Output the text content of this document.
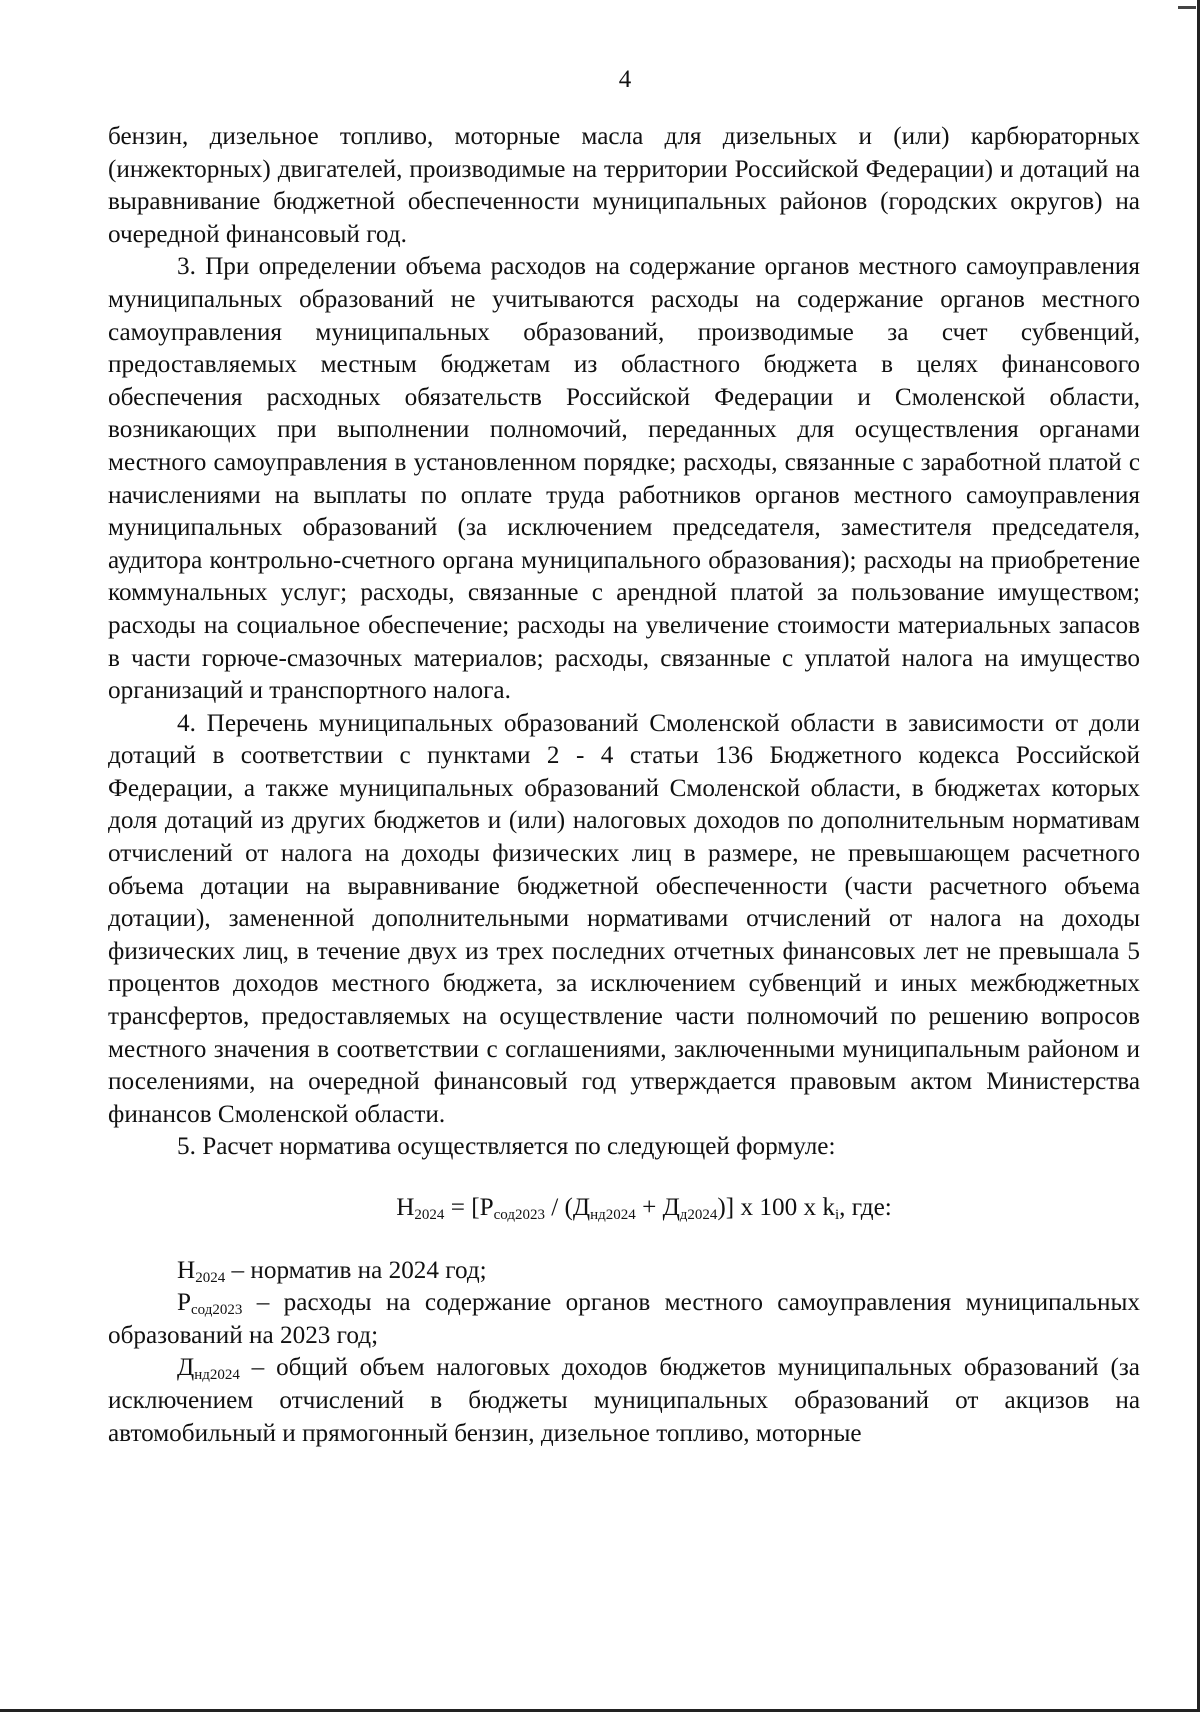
4

бензин, дизельное топливо, моторные масла для дизельных и (или) карбюраторных (инжекторных) двигателей, производимые на территории Российской Федерации) и дотаций на выравнивание бюджетной обеспеченности муниципальных районов (городских округов) на очередной финансовый год.

3. При определении объема расходов на содержание органов местного самоуправления муниципальных образований не учитываются расходы на содержание органов местного самоуправления муниципальных образований, производимые за счет субвенций, предоставляемых местным бюджетам из областного бюджета в целях финансового обеспечения расходных обязательств Российской Федерации и Смоленской области, возникающих при выполнении полномочий, переданных для осуществления органами местного самоуправления в установленном порядке; расходы, связанные с заработной платой с начислениями на выплаты по оплате труда работников органов местного самоуправления муниципальных образований (за исключением председателя, заместителя председателя, аудитора контрольно-счетного органа муниципального образования); расходы на приобретение коммунальных услуг; расходы, связанные с арендной платой за пользование имуществом; расходы на социальное обеспечение; расходы на увеличение стоимости материальных запасов в части горюче-смазочных материалов; расходы, связанные с уплатой налога на имущество организаций и транспортного налога.

4. Перечень муниципальных образований Смоленской области в зависимости от доли дотаций в соответствии с пунктами 2 - 4 статьи 136 Бюджетного кодекса Российской Федерации, а также муниципальных образований Смоленской области, в бюджетах которых доля дотаций из других бюджетов и (или) налоговых доходов по дополнительным нормативам отчислений от налога на доходы физических лиц в размере, не превышающем расчетного объема дотации на выравнивание бюджетной обеспеченности (части расчетного объема дотации), замененной дополнительными нормативами отчислений от налога на доходы физических лиц, в течение двух из трех последних отчетных финансовых лет не превышала 5 процентов доходов местного бюджета, за исключением субвенций и иных межбюджетных трансфертов, предоставляемых на осуществление части полномочий по решению вопросов местного значения в соответствии с соглашениями, заключенными муниципальным районом и поселениями, на очередной финансовый год утверждается правовым актом Министерства финансов Смоленской области.

5. Расчет норматива осуществляется по следующей формуле:

$Н_{2024} = [Р_{сод2023} / (Д_{нд2024} + Д_{д2024})]$ x 100 x $k_i$, где:

$Н_{2024}$ – норматив на 2024 год;

$Р_{сод2023}$ – расходы на содержание органов местного самоуправления муниципальных образований на 2023 год;

$Д_{нд2024}$ – общий объем налоговых доходов бюджетов муниципальных образований (за исключением отчислений в бюджеты муниципальных образований от акцизов на автомобильный и прямогонный бензин, дизельное топливо, моторные
